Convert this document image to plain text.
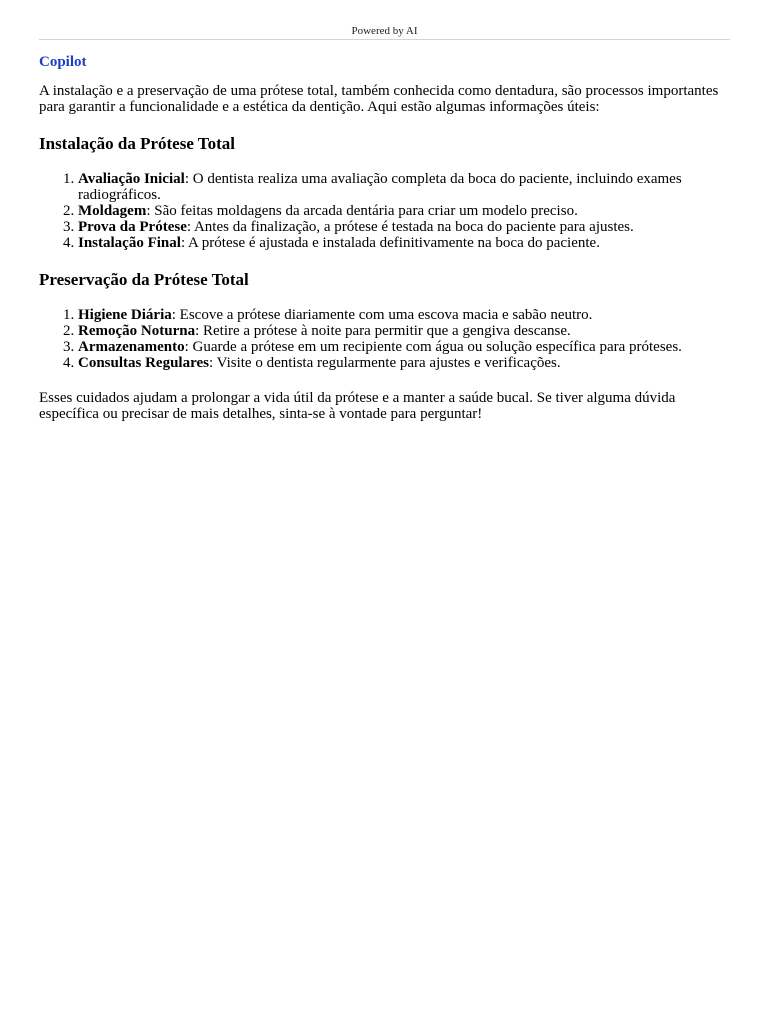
Powered by AI
Copilot

A instalação e a preservação de uma prótese total, também conhecida como dentadura, são processos importantes para garantir a funcionalidade e a estética da dentição. Aqui estão algumas informações úteis:

Instalação da Prótese Total
1. Avaliação Inicial: O dentista realiza uma avaliação completa da boca do paciente, incluindo exames radiográficos.
2. Moldagem: São feitas moldagens da arcada dentária para criar um modelo preciso.
3. Prova da Prótese: Antes da finalização, a prótese é testada na boca do paciente para ajustes.
4. Instalação Final: A prótese é ajustada e instalada definitivamente na boca do paciente.
Preservação da Prótese Total
1. Higiene Diária: Escove a prótese diariamente com uma escova macia e sabão neutro.
2. Remoção Noturna: Retire a prótese à noite para permitir que a gengiva descanse.
3. Armazenamento: Guarde a prótese em um recipiente com água ou solução específica para próteses.
4. Consultas Regulares: Visite o dentista regularmente para ajustes e verificações.

Esses cuidados ajudam a prolongar a vida útil da prótese e a manter a saúde bucal. Se tiver alguma dúvida específica ou precisar de mais detalhes, sinta-se à vontade para perguntar!
